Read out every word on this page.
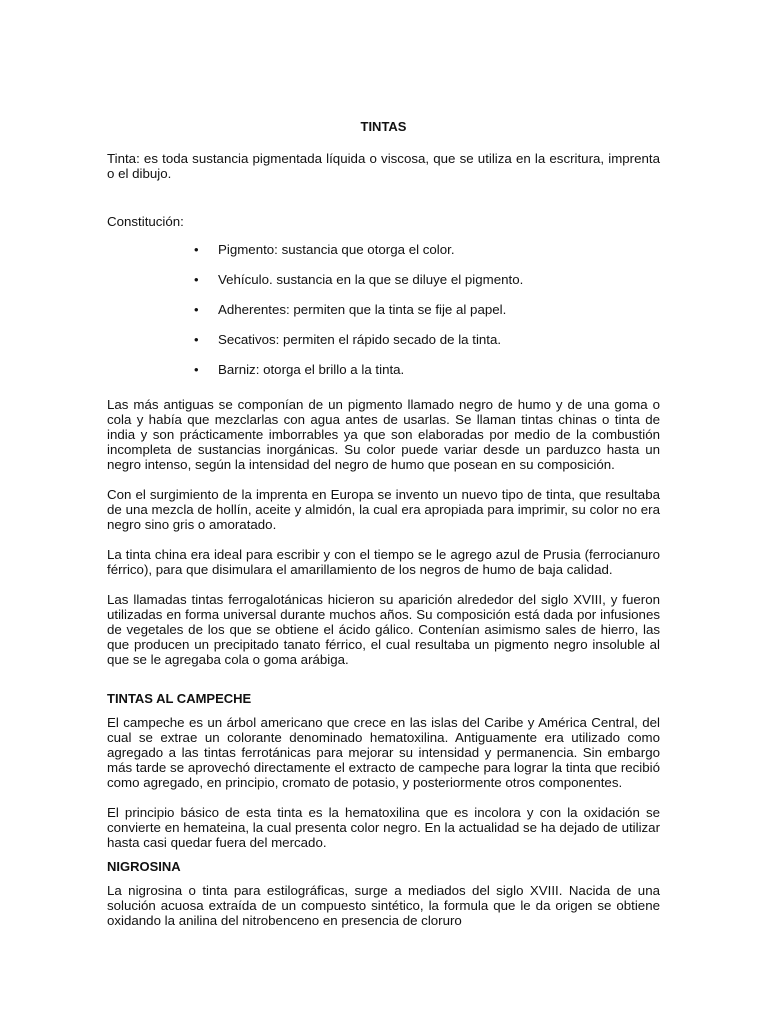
TINTAS

Tinta: es toda sustancia pigmentada líquida o viscosa, que se utiliza en la escritura, imprenta o el dibujo.

Constitución:

• Pigmento: sustancia que otorga el color.
• Vehículo. sustancia en la que se diluye el pigmento.
• Adherentes: permiten que la tinta se fije al papel.
• Secativos: permiten el rápido secado de la tinta.
• Barniz: otorga el brillo a la tinta.

Las más antiguas se componían de un pigmento llamado negro de humo y de una goma o cola y había que mezclarlas con agua antes de usarlas. Se llaman tintas chinas o tinta de india y son prácticamente imborrables ya que son elaboradas por medio de la combustión incompleta de sustancias inorgánicas. Su color puede variar desde un parduzco hasta un negro intenso, según la intensidad del negro de humo que posean en su composición.

Con el surgimiento de la imprenta en Europa se invento un nuevo tipo de tinta, que resultaba de una mezcla de hollín, aceite y almidón, la cual era apropiada para imprimir, su color no era negro sino gris o amoratado.

La tinta china era ideal para escribir y con el tiempo se le agrego azul de Prusia (ferrocianuro férrico), para que disimulara el amarillamiento de los negros de humo de baja calidad.

Las llamadas tintas ferrogalotánicas hicieron su aparición alrededor del siglo XVIII, y fueron utilizadas en forma universal durante muchos años. Su composición está dada por infusiones de vegetales de los que se obtiene el ácido gálico. Contenían asimismo sales de hierro, las que producen un precipitado tanato férrico, el cual resultaba un pigmento negro insoluble al que se le agregaba cola o goma arábiga.

TINTAS AL CAMPECHE

El campeche es un árbol americano que crece en las islas del Caribe y América Central, del cual se extrae un colorante denominado hematoxilina. Antiguamente era utilizado como agregado a las tintas ferrotánicas para mejorar su intensidad y permanencia. Sin embargo más tarde se aprovechó directamente el extracto de campeche para lograr la tinta que recibió como agregado, en principio, cromato de potasio, y posteriormente otros componentes.

El principio básico de esta tinta es la hematoxilina que es incolora y con la oxidación se convierte en hemateina, la cual presenta color negro. En la actualidad se ha dejado de utilizar hasta casi quedar fuera del mercado.

NIGROSINA

La nigrosina o tinta para estilográficas, surge a mediados del siglo XVIII. Nacida de una solución acuosa extraída de un compuesto sintético, la formula que le da origen se obtiene oxidando la anilina del nitrobenceno en presencia de cloruro
